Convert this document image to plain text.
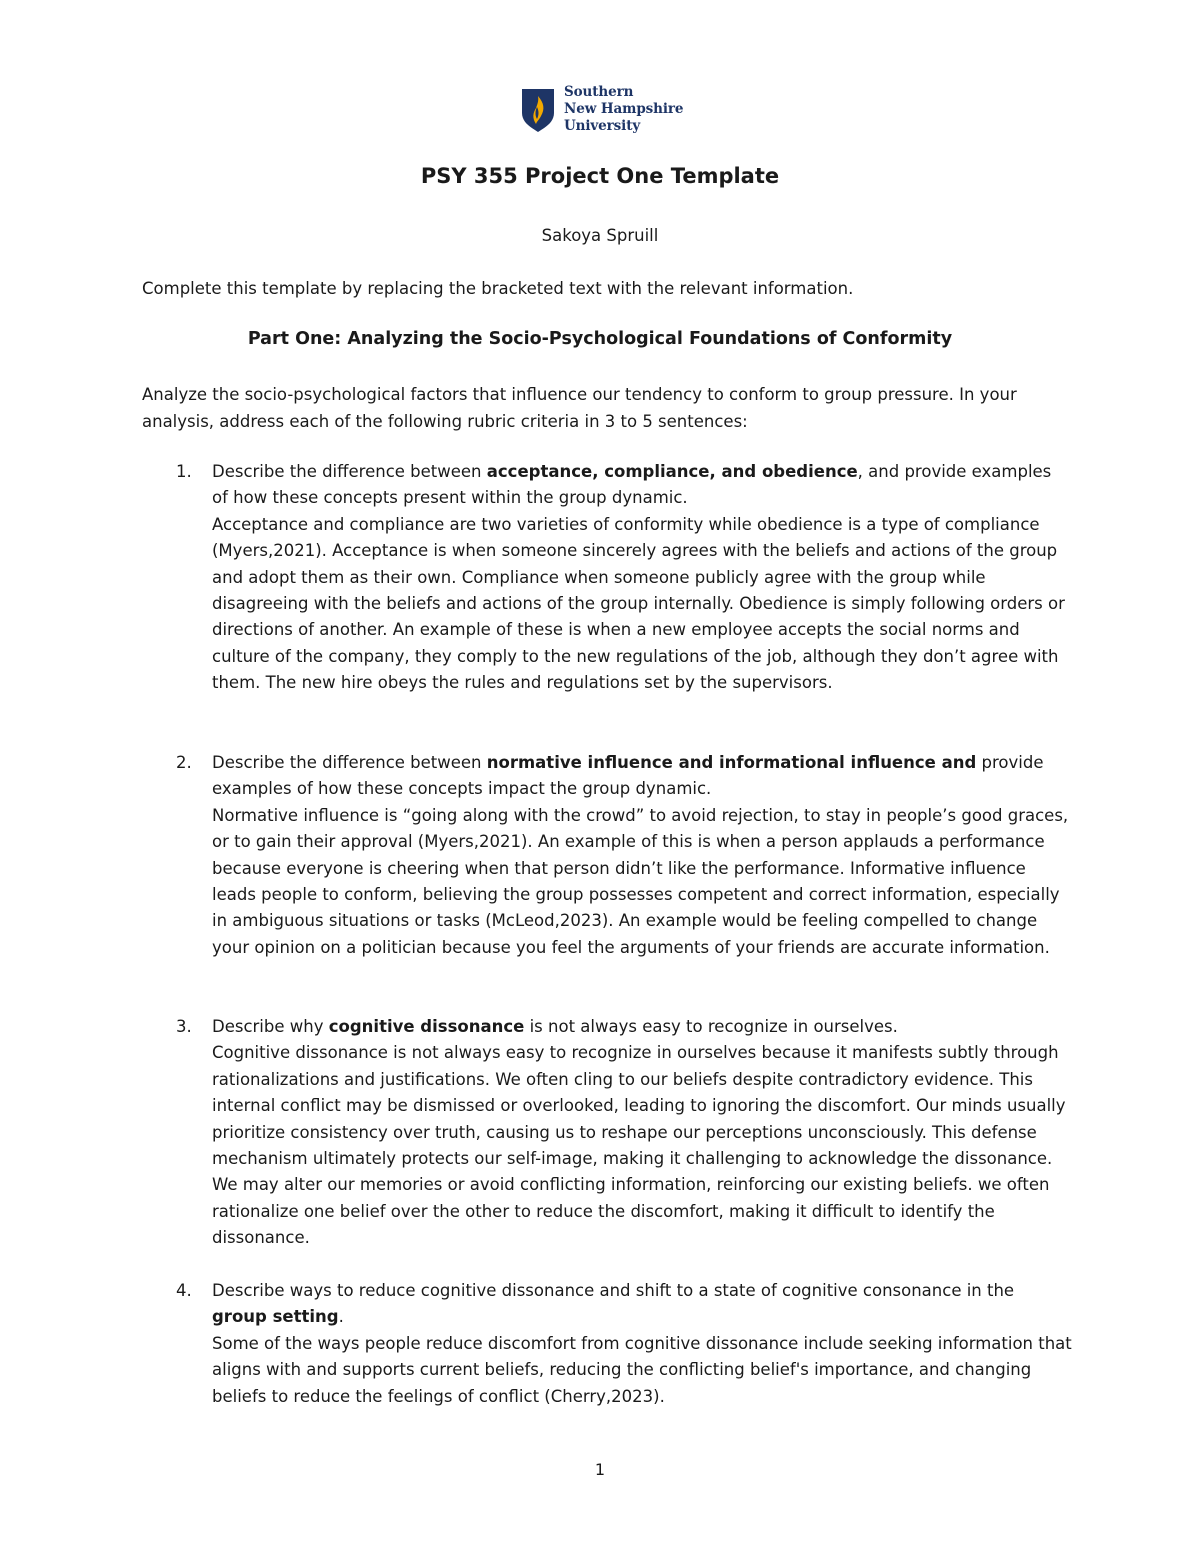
Southern
New Hampshire
University
PSY 355 Project One Template
Sakoya Spruill
Complete this template by replacing the bracketed text with the relevant information.
Part One: Analyzing the Socio-Psychological Foundations of Conformity
Analyze the socio-psychological factors that influence our tendency to conform to group pressure. In your analysis, address each of the following rubric criteria in 3 to 5 sentences:
1. Describe the difference between acceptance, compliance, and obedience, and provide examples of how these concepts present within the group dynamic.
Acceptance and compliance are two varieties of conformity while obedience is a type of compliance (Myers,2021). Acceptance is when someone sincerely agrees with the beliefs and actions of the group and adopt them as their own. Compliance when someone publicly agree with the group while disagreeing with the beliefs and actions of the group internally. Obedience is simply following orders or directions of another. An example of these is when a new employee accepts the social norms and culture of the company, they comply to the new regulations of the job, although they don’t agree with them. The new hire obeys the rules and regulations set by the supervisors.
2. Describe the difference between normative influence and informational influence and provide examples of how these concepts impact the group dynamic.
Normative influence is “going along with the crowd” to avoid rejection, to stay in people’s good graces, or to gain their approval (Myers,2021). An example of this is when a person applauds a performance because everyone is cheering when that person didn’t like the performance. Informative influence leads people to conform, believing the group possesses competent and correct information, especially in ambiguous situations or tasks (McLeod,2023). An example would be feeling compelled to change your opinion on a politician because you feel the arguments of your friends are accurate information.
3. Describe why cognitive dissonance is not always easy to recognize in ourselves.
Cognitive dissonance is not always easy to recognize in ourselves because it manifests subtly through rationalizations and justifications. We often cling to our beliefs despite contradictory evidence. This internal conflict may be dismissed or overlooked, leading to ignoring the discomfort. Our minds usually prioritize consistency over truth, causing us to reshape our perceptions unconsciously. This defense mechanism ultimately protects our self-image, making it challenging to acknowledge the dissonance. We may alter our memories or avoid conflicting information, reinforcing our existing beliefs. we often rationalize one belief over the other to reduce the discomfort, making it difficult to identify the dissonance.
4. Describe ways to reduce cognitive dissonance and shift to a state of cognitive consonance in the group setting.
Some of the ways people reduce discomfort from cognitive dissonance include seeking information that aligns with and supports current beliefs, reducing the conflicting belief's importance, and changing beliefs to reduce the feelings of conflict (Cherry,2023).
1
